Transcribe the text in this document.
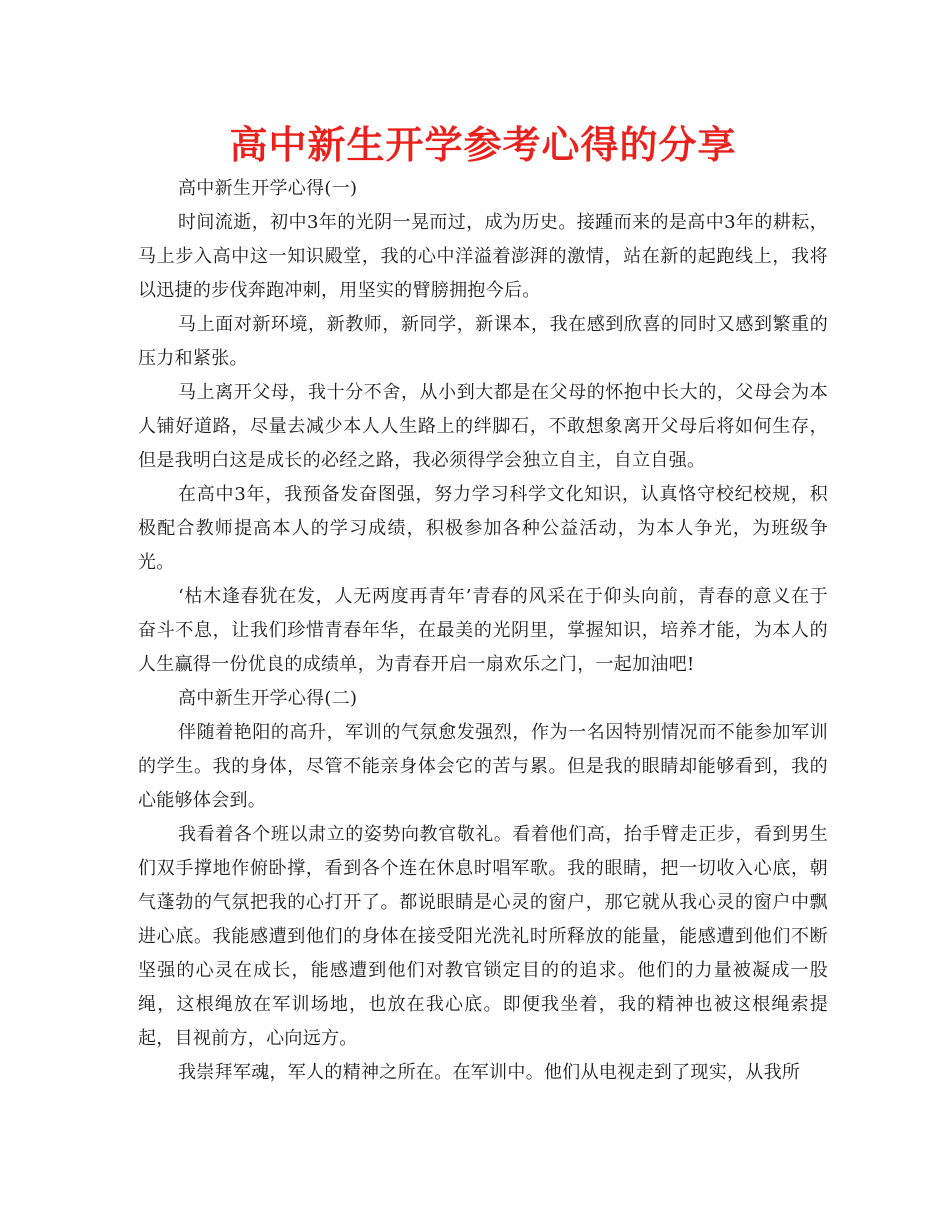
高中新生开学参考心得的分享

高中新生开学心得(一)

时间流逝，初中3年的光阴一晃而过，成为历史。接踵而来的是高中3年的耕耘，马上步入高中这一知识殿堂，我的心中洋溢着澎湃的激情，站在新的起跑线上，我将以迅捷的步伐奔跑冲刺，用坚实的臂膀拥抱今后。

马上面对新环境，新教师，新同学，新课本，我在感到欣喜的同时又感到繁重的压力和紧张。

马上离开父母，我十分不舍，从小到大都是在父母的怀抱中长大的，父母会为本人铺好道路，尽量去减少本人人生路上的绊脚石，不敢想象离开父母后将如何生存，但是我明白这是成长的必经之路，我必须得学会独立自主，自立自强。

在高中3年，我预备发奋图强，努力学习科学文化知识，认真恪守校纪校规，积极配合教师提高本人的学习成绩，积极参加各种公益活动，为本人争光，为班级争光。

‘枯木逢春犹在发，人无两度再青年’青春的风采在于仰头向前，青春的意义在于奋斗不息，让我们珍惜青春年华，在最美的光阴里，掌握知识，培养才能，为本人的人生赢得一份优良的成绩单，为青春开启一扇欢乐之门，一起加油吧!

高中新生开学心得(二)

伴随着艳阳的高升，军训的气氛愈发强烈，作为一名因特别情况而不能参加军训的学生。我的身体，尽管不能亲身体会它的苦与累。但是我的眼睛却能够看到，我的心能够体会到。

我看着各个班以肃立的姿势向教官敬礼。看着他们高，抬手臂走正步，看到男生们双手撑地作俯卧撑，看到各个连在休息时唱军歌。我的眼睛，把一切收入心底，朝气蓬勃的气氛把我的心打开了。都说眼睛是心灵的窗户，那它就从我心灵的窗户中飘进心底。我能感遭到他们的身体在接受阳光洗礼时所释放的能量，能感遭到他们不断坚强的心灵在成长，能感遭到他们对教官锁定目的的追求。他们的力量被凝成一股绳，这根绳放在军训场地，也放在我心底。即便我坐着，我的精神也被这根绳索提起，目视前方，心向远方。

我崇拜军魂，军人的精神之所在。在军训中。他们从电视走到了现实，从我所
